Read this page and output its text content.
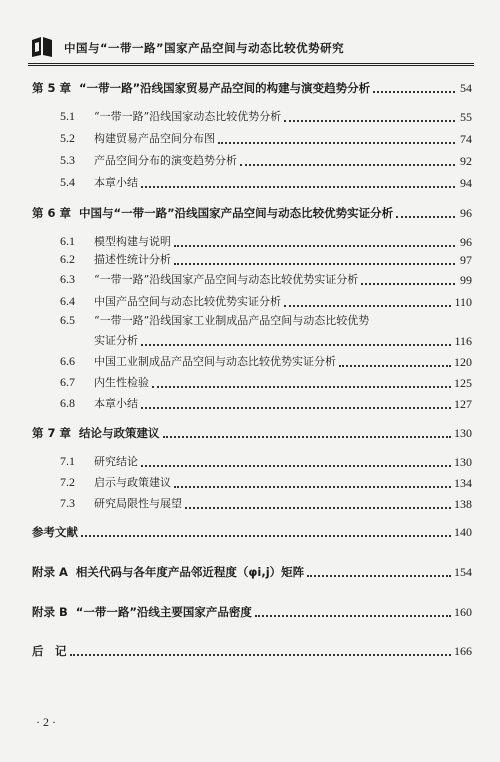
中国与“一带一路”国家产品空间与动态比较优势研究
第 5 章 “一带一路”沿线国家贸易产品空间的构建与演变趋势分析	54
5.1 “一带一路”沿线国家动态比较优势分析	55
5.2 构建贸易产品空间分布图	74
5.3 产品空间分布的演变趋势分析	92
5.4 本章小结	94
第 6 章 中国与“一带一路”沿线国家产品空间与动态比较优势实证分析	96
6.1 模型构建与说明	96
6.2 描述性统计分析	97
6.3 “一带一路”沿线国家产品空间与动态比较优势实证分析	99
6.4 中国产品空间与动态比较优势实证分析	110
6.5 “一带一路”沿线国家工业制成品产品空间与动态比较优势
实证分析	116
6.6 中国工业制成品产品空间与动态比较优势实证分析	120
6.7 内生性检验	125
6.8 本章小结	127
第 7 章 结论与政策建议	130
7.1 研究结论	130
7.2 启示与政策建议	134
7.3 研究局限性与展望	138
参考文献	140
附录 A 相关代码与各年度产品邻近程度（φi,j）矩阵	154
附录 B “一带一路”沿线主要国家产品密度	160
后　记	166
· 2 ·
